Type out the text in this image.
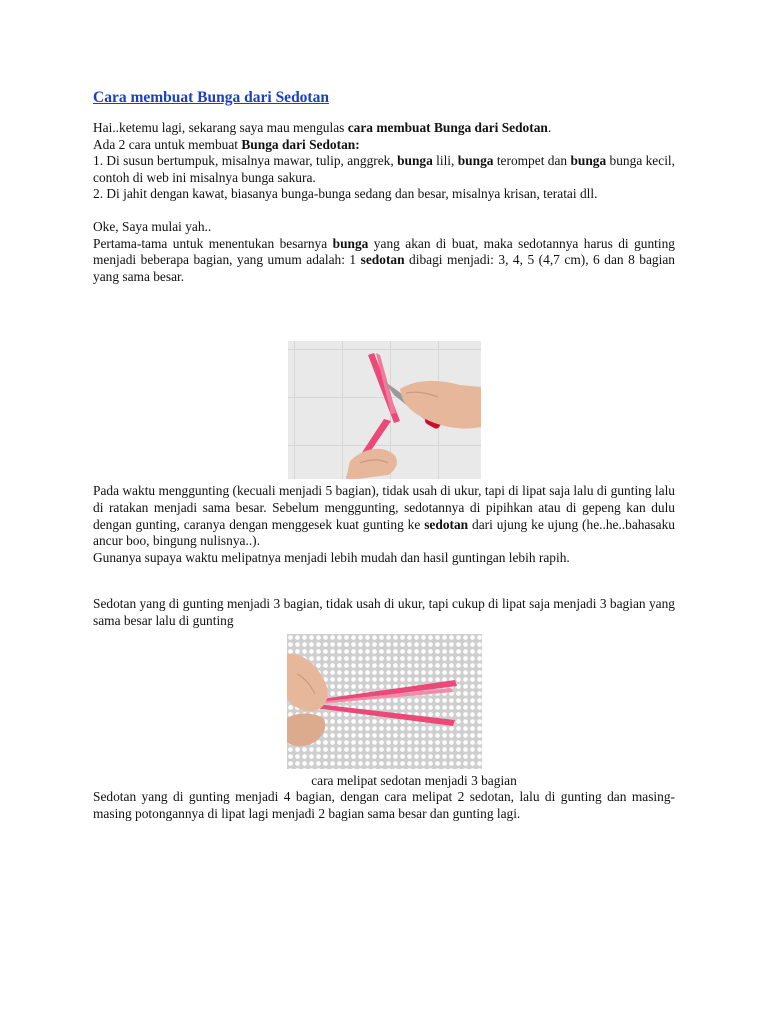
Cara membuat Bunga dari Sedotan

Hai..ketemu lagi, sekarang saya mau mengulas cara membuat Bunga dari Sedotan.

Ada 2 cara untuk membuat Bunga dari Sedotan:

1. Di susun bertumpuk, misalnya mawar, tulip, anggrek, bunga lili, bunga terompet dan bunga bunga kecil, contoh di web ini misalnya bunga sakura.

2. Di jahit dengan kawat, biasanya bunga-bunga sedang dan besar, misalnya krisan, teratai dll.

Oke, Saya mulai yah..

Pertama-tama untuk menentukan besarnya bunga yang akan di buat, maka sedotannya harus di gunting menjadi beberapa bagian, yang umum adalah: 1 sedotan dibagi menjadi: 3, 4, 5 (4,7 cm), 6 dan 8 bagian yang sama besar.

Pada waktu menggunting (kecuali menjadi 5 bagian), tidak usah di ukur, tapi di lipat saja lalu di gunting lalu di ratakan menjadi sama besar. Sebelum menggunting, sedotannya di pipihkan atau di gepeng kan dulu dengan gunting, caranya dengan menggesek kuat gunting ke sedotan dari ujung ke ujung (he..he..bahasaku ancur boo, bingung nulisnya..).

Gunanya supaya waktu melipatnya menjadi lebih mudah dan hasil guntingan lebih rapih.

Sedotan yang di gunting menjadi 3 bagian, tidak usah di ukur, tapi cukup di lipat saja menjadi 3 bagian yang sama besar lalu di gunting

cara melipat sedotan menjadi 3 bagian

Sedotan yang di gunting menjadi 4 bagian, dengan cara melipat 2 sedotan, lalu di gunting dan masing-masing potongannya di lipat lagi menjadi 2 bagian sama besar dan gunting lagi.
